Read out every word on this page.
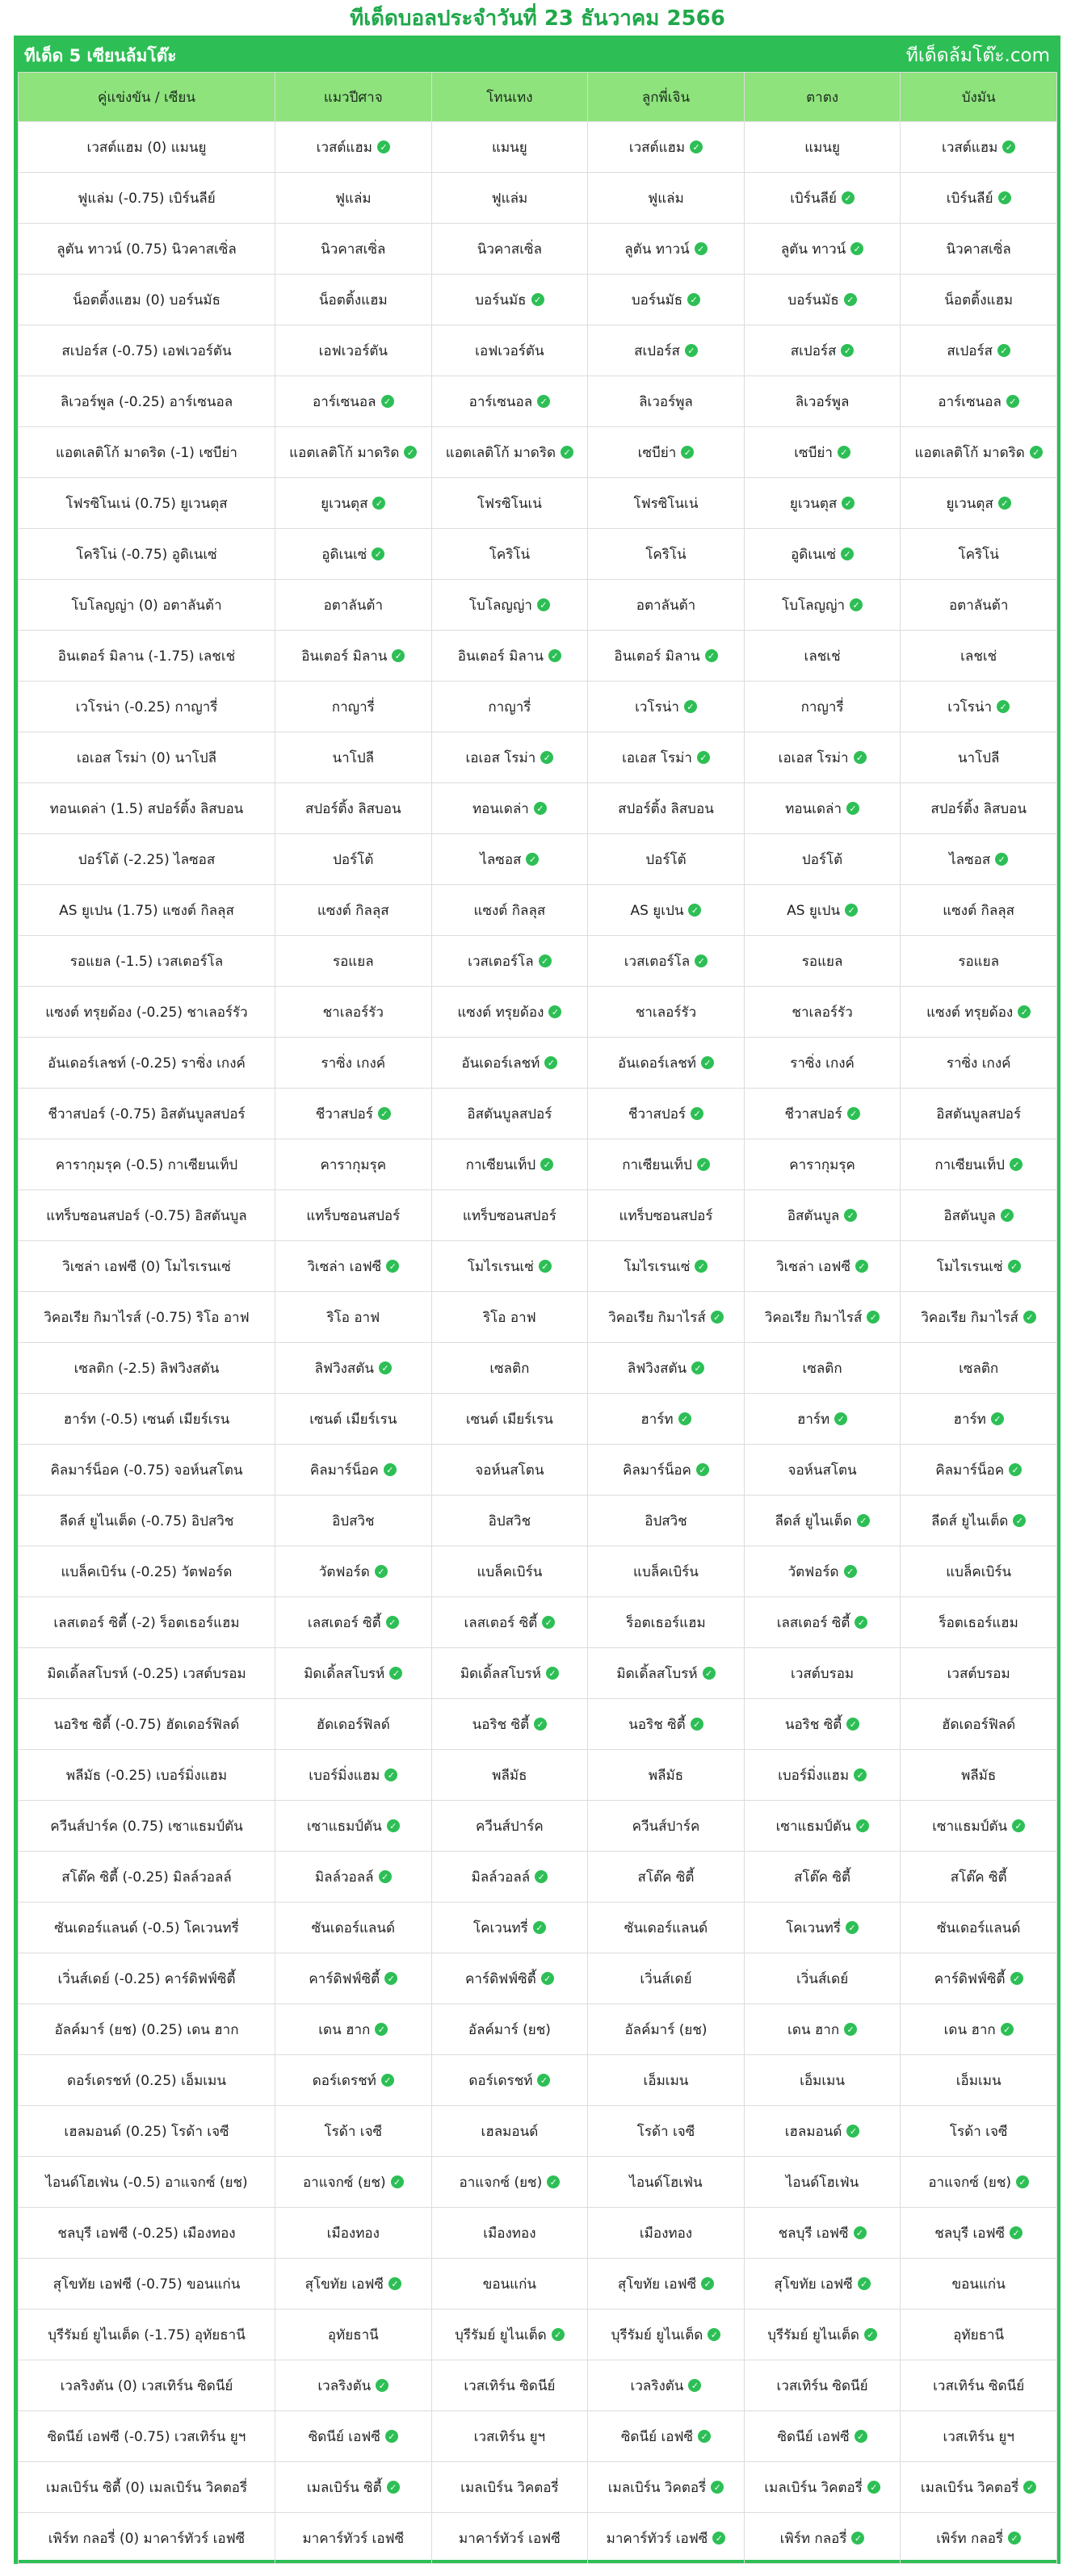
ทีเด็ดบอลประจำวันที่ 23 ธันวาคม 2566
ทีเด็ด 5 เซียนล้มโต๊ะ	ทีเด็ดล้มโต๊ะ.com
คู่แข่งขัน / เซียน	แมวปีศาจ	โทนเทง	ลูกพี่เจิน	ตาตง	บังมัน
เวสต์แฮม (0) แมนยู	เวสต์แฮม ✓	แมนยู	เวสต์แฮม ✓	แมนยู	เวสต์แฮม ✓

ฟูแล่ม (-0.75) เบิร์นลีย์	ฟูแล่ม	ฟูแล่ม	ฟูแล่ม	เบิร์นลีย์ ✓	เบิร์นลีย์ ✓

ลูตัน ทาวน์ (0.75) นิวคาสเซิ่ล	นิวคาสเซิ่ล	นิวคาสเซิ่ล	ลูตัน ทาวน์ ✓	ลูตัน ทาวน์ ✓	นิวคาสเซิ่ล

น็อตติ้งแฮม (0) บอร์นมัธ	น็อตติ้งแฮม	บอร์นมัธ ✓	บอร์นมัธ ✓	บอร์นมัธ ✓	น็อตติ้งแฮม

สเปอร์ส (-0.75) เอฟเวอร์ตัน	เอฟเวอร์ตัน	เอฟเวอร์ตัน	สเปอร์ส ✓	สเปอร์ส ✓	สเปอร์ส ✓

ลิเวอร์พูล (-0.25) อาร์เซนอล	อาร์เซนอล ✓	อาร์เซนอล ✓	ลิเวอร์พูล	ลิเวอร์พูล	อาร์เซนอล ✓

แอตเลติโก้ มาดริด (-1) เซบีย่า	แอตเลติโก้ มาดริด ✓	แอตเลติโก้ มาดริด ✓	เซบีย่า ✓	เซบีย่า ✓	แอตเลติโก้ มาดริด ✓

โฟรซิโนเน่ (0.75) ยูเวนตุส	ยูเวนตุส ✓	โฟรซิโนเน่	โฟรซิโนเน่	ยูเวนตุส ✓	ยูเวนตุส ✓

โคริโน่ (-0.75) อูดิเนเซ่	อูดิเนเซ่ ✓	โคริโน่	โคริโน่	อูดิเนเซ่ ✓	โคริโน่

โบโลญญ่า (0) อตาลันต้า	อตาลันต้า	โบโลญญ่า ✓	อตาลันต้า	โบโลญญ่า ✓	อตาลันต้า

อินเตอร์ มิลาน (-1.75) เลชเช่	อินเตอร์ มิลาน ✓	อินเตอร์ มิลาน ✓	อินเตอร์ มิลาน ✓	เลชเช่	เลชเช่

เวโรน่า (-0.25) กาญารี่	กาญารี่	กาญารี่	เวโรน่า ✓	กาญารี่	เวโรน่า ✓

เอเอส โรม่า (0) นาโปลี	นาโปลี	เอเอส โรม่า ✓	เอเอส โรม่า ✓	เอเอส โรม่า ✓	นาโปลี

ทอนเดล่า (1.5) สปอร์ติ้ง ลิสบอน	สปอร์ติ้ง ลิสบอน	ทอนเดล่า ✓	สปอร์ติ้ง ลิสบอน	ทอนเดล่า ✓	สปอร์ติ้ง ลิสบอน

ปอร์โต้ (-2.25) ไลซอส	ปอร์โต้	ไลซอส ✓	ปอร์โต้	ปอร์โต้	ไลซอส ✓

AS ยูเปน (1.75) แซงต์ กิลลุส	แซงต์ กิลลุส	แซงต์ กิลลุส	AS ยูเปน ✓	AS ยูเปน ✓	แซงต์ กิลลุส

รอแยล (-1.5) เวสเตอร์โล	รอแยล	เวสเตอร์โล ✓	เวสเตอร์โล ✓	รอแยล	รอแยล

แซงต์ ทรุยด้อง (-0.25) ชาเลอร์รัว	ชาเลอร์รัว	แซงต์ ทรุยด้อง ✓	ชาเลอร์รัว	ชาเลอร์รัว	แซงต์ ทรุยด้อง ✓

อันเดอร์เลชท์ (-0.25) ราซิ่ง เกงค์	ราซิ่ง เกงค์	อันเดอร์เลชท์ ✓	อันเดอร์เลชท์ ✓	ราซิ่ง เกงค์	ราซิ่ง เกงค์

ชีวาสปอร์ (-0.75) อิสตันบูลสปอร์	ชีวาสปอร์ ✓	อิสตันบูลสปอร์	ชีวาสปอร์ ✓	ชีวาสปอร์ ✓	อิสตันบูลสปอร์

คารากุมรุค (-0.5) กาเซียนเท็ป	คารากุมรุค	กาเซียนเท็ป ✓	กาเซียนเท็ป ✓	คารากุมรุค	กาเซียนเท็ป ✓

แทร็บซอนสปอร์ (-0.75) อิสตันบูล	แทร็บซอนสปอร์	แทร็บซอนสปอร์	แทร็บซอนสปอร์	อิสตันบูล ✓	อิสตันบูล ✓

วิเซล่า เอฟซี (0) โมไรเรนเซ่	วิเซล่า เอฟซี ✓	โมไรเรนเซ่ ✓	โมไรเรนเซ่ ✓	วิเซล่า เอฟซี ✓	โมไรเรนเซ่ ✓

วิคอเรีย กิมาไรส์ (-0.75) ริโอ อาฟ	ริโอ อาฟ	ริโอ อาฟ	วิคอเรีย กิมาไรส์ ✓	วิคอเรีย กิมาไรส์ ✓	วิคอเรีย กิมาไรส์ ✓

เซลติก (-2.5) ลิฟวิงสตัน	ลิฟวิงสตัน ✓	เซลติก	ลิฟวิงสตัน ✓	เซลติก	เซลติก

ฮาร์ท (-0.5) เซนต์ เมียร์เรน	เซนต์ เมียร์เรน	เซนต์ เมียร์เรน	ฮาร์ท ✓	ฮาร์ท ✓	ฮาร์ท ✓

คิลมาร์น็อค (-0.75) จอห์นสโตน	คิลมาร์น็อค ✓	จอห์นสโตน	คิลมาร์น็อค ✓	จอห์นสโตน	คิลมาร์น็อค ✓

ลีดส์ ยูไนเต็ด (-0.75) อิปสวิช	อิปสวิช	อิปสวิช	อิปสวิช	ลีดส์ ยูไนเต็ด ✓	ลีดส์ ยูไนเต็ด ✓

แบล็คเบิร์น (-0.25) วัตฟอร์ด	วัตฟอร์ด ✓	แบล็คเบิร์น	แบล็คเบิร์น	วัตฟอร์ด ✓	แบล็คเบิร์น

เลสเตอร์ ซิตี้ (-2) ร็อตเธอร์แฮม	เลสเตอร์ ซิตี้ ✓	เลสเตอร์ ซิตี้ ✓	ร็อตเธอร์แฮม	เลสเตอร์ ซิตี้ ✓	ร็อตเธอร์แฮม

มิดเดิ้ลสโบรห์ (-0.25) เวสต์บรอม	มิดเดิ้ลสโบรห์ ✓	มิดเดิ้ลสโบรห์ ✓	มิดเดิ้ลสโบรห์ ✓	เวสต์บรอม	เวสต์บรอม

นอริช ซิตี้ (-0.75) ฮัดเดอร์ฟิลด์	ฮัดเดอร์ฟิลด์	นอริช ซิตี้ ✓	นอริช ซิตี้ ✓	นอริช ซิตี้ ✓	ฮัดเดอร์ฟิลด์

พลีมัธ (-0.25) เบอร์มิ่งแฮม	เบอร์มิ่งแฮม ✓	พลีมัธ	พลีมัธ	เบอร์มิ่งแฮม ✓	พลีมัธ

ควีนส์ปาร์ค (0.75) เซาแธมป์ตัน	เซาแธมป์ตัน ✓	ควีนส์ปาร์ค	ควีนส์ปาร์ค	เซาแธมป์ตัน ✓	เซาแธมป์ตัน ✓

สโต๊ค ซิตี้ (-0.25) มิลล์วอลล์	มิลล์วอลล์ ✓	มิลล์วอลล์ ✓	สโต๊ค ซิตี้	สโต๊ค ซิตี้	สโต๊ค ซิตี้

ซันเดอร์แลนด์ (-0.5) โคเวนทรี่	ซันเดอร์แลนด์	โคเวนทรี่ ✓	ซันเดอร์แลนด์	โคเวนทรี่ ✓	ซันเดอร์แลนด์

เวิ่นส์เดย์ (-0.25) คาร์ดิฟฟ์ซิตี้	คาร์ดิฟฟ์ซิตี้ ✓	คาร์ดิฟฟ์ซิตี้ ✓	เวิ่นส์เดย์	เวิ่นส์เดย์	คาร์ดิฟฟ์ซิตี้ ✓

อัลค์มาร์ (ยช) (0.25) เดน ฮาก	เดน ฮาก ✓	อัลค์มาร์ (ยช)	อัลค์มาร์ (ยช)	เดน ฮาก ✓	เดน ฮาก ✓

ดอร์เดรชท์ (0.25) เอ็มเมน	ดอร์เดรชท์ ✓	ดอร์เดรชท์ ✓	เอ็มเมน	เอ็มเมน	เอ็มเมน

เฮลมอนด์ (0.25) โรด้า เจซี	โรด้า เจซี	เฮลมอนด์	โรด้า เจซี	เฮลมอนด์ ✓	โรด้า เจซี

ไอนด์โฮเฟ่น (-0.5) อาแจกซ์ (ยช)	อาแจกซ์ (ยช) ✓	อาแจกซ์ (ยช) ✓	ไอนด์โฮเฟ่น	ไอนด์โฮเฟ่น	อาแจกซ์ (ยช) ✓

ชลบุรี เอฟซี (-0.25) เมืองทอง	เมืองทอง	เมืองทอง	เมืองทอง	ชลบุรี เอฟซี ✓	ชลบุรี เอฟซี ✓

สุโขทัย เอฟซี (-0.75) ขอนแก่น	สุโขทัย เอฟซี ✓	ขอนแก่น	สุโขทัย เอฟซี ✓	สุโขทัย เอฟซี ✓	ขอนแก่น

บุรีรัมย์ ยูไนเต็ด (-1.75) อุทัยธานี	อุทัยธานี	บุรีรัมย์ ยูไนเต็ด ✓	บุรีรัมย์ ยูไนเต็ด ✓	บุรีรัมย์ ยูไนเต็ด ✓	อุทัยธานี

เวลริงตัน (0) เวสเทิร์น ซิดนีย์	เวลริงตัน ✓	เวสเทิร์น ซิดนีย์	เวลริงตัน ✓	เวสเทิร์น ซิดนีย์	เวสเทิร์น ซิดนีย์

ซิดนีย์ เอฟซี (-0.75) เวสเทิร์น ยูฯ	ซิดนีย์ เอฟซี ✓	เวสเทิร์น ยูฯ	ซิดนีย์ เอฟซี ✓	ซิดนีย์ เอฟซี ✓	เวสเทิร์น ยูฯ

เมลเบิร์น ซิตี้ (0) เมลเบิร์น วิคตอรี่	เมลเบิร์น ซิตี้ ✓	เมลเบิร์น วิคตอรี่	เมลเบิร์น วิคตอรี่ ✓	เมลเบิร์น วิคตอรี่ ✓	เมลเบิร์น วิคตอรี่ ✓

เพิร์ท กลอรี่ (0) มาคาร์ทัวร์ เอฟซี	มาคาร์ทัวร์ เอฟซี	มาคาร์ทัวร์ เอฟซี	มาคาร์ทัวร์ เอฟซี ✓	เพิร์ท กลอรี่ ✓	เพิร์ท กลอรี่ ✓
